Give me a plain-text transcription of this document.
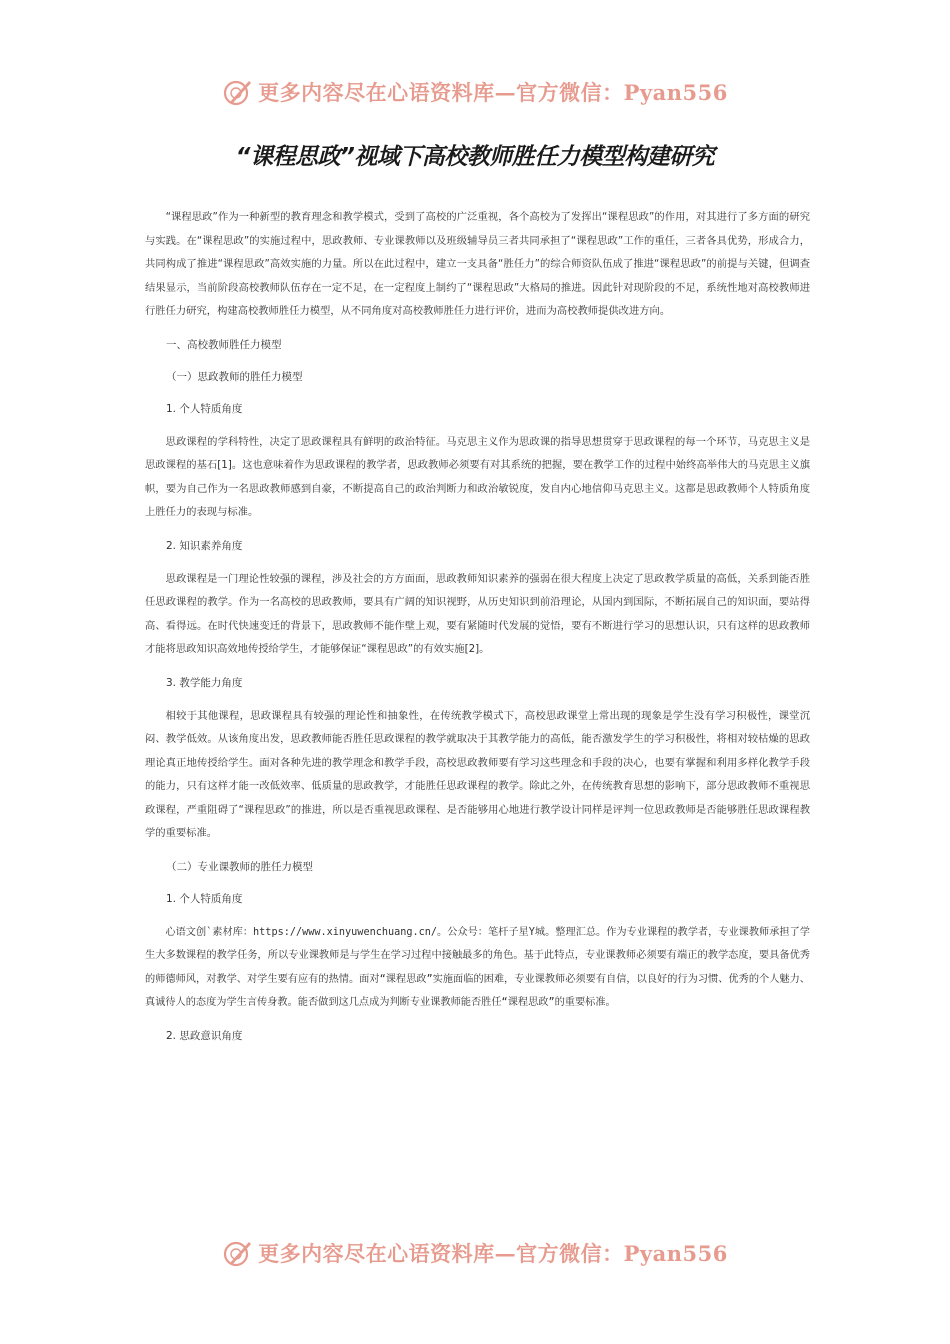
更多内容尽在心语资料库—官方微信：Pyan556
“课程思政”视域下高校教师胜任力模型构建研究

“课程思政”作为一种新型的教育理念和教学模式，受到了高校的广泛重视，各个高校为了发挥出“课程思政”的作用，对其进行了多方面的研究与实践。在“课程思政”的实施过程中，思政教师、专业课教师以及班级辅导员三者共同承担了“课程思政”工作的重任，三者各具优势，形成合力，共同构成了推进“课程思政”高效实施的力量。所以在此过程中，建立一支具备“胜任力”的综合师资队伍成了推进“课程思政”的前提与关键，但调查结果显示，当前阶段高校教师队伍存在一定不足，在一定程度上制约了“课程思政”大格局的推进。因此针对现阶段的不足，系统性地对高校教师进行胜任力研究，构建高校教师胜任力模型，从不同角度对高校教师胜任力进行评价，进而为高校教师提供改进方向。

一、高校教师胜任力模型

（一）思政教师的胜任力模型

1. 个人特质角度

思政课程的学科特性，决定了思政课程具有鲜明的政治特征。马克思主义作为思政课的指导思想贯穿于思政课程的每一个环节，马克思主义是思政课程的基石[1]。这也意味着作为思政课程的教学者，思政教师必须要有对其系统的把握，要在教学工作的过程中始终高举伟大的马克思主义旗帜，要为自己作为一名思政教师感到自豪，不断提高自己的政治判断力和政治敏锐度，发自内心地信仰马克思主义。这都是思政教师个人特质角度上胜任力的表现与标准。

2. 知识素养角度

思政课程是一门理论性较强的课程，涉及社会的方方面面，思政教师知识素养的强弱在很大程度上决定了思政教学质量的高低，关系到能否胜任思政课程的教学。作为一名高校的思政教师，要具有广阔的知识视野，从历史知识到前沿理论，从国内到国际，不断拓展自己的知识面，要站得高、看得远。在时代快速变迁的背景下，思政教师不能作壁上观，要有紧随时代发展的觉悟，要有不断进行学习的思想认识，只有这样的思政教师才能将思政知识高效地传授给学生，才能够保证“课程思政”的有效实施[2]。

3. 教学能力角度

相较于其他课程，思政课程具有较强的理论性和抽象性，在传统教学模式下，高校思政课堂上常出现的现象是学生没有学习积极性，课堂沉闷、教学低效。从该角度出发，思政教师能否胜任思政课程的教学就取决于其教学能力的高低，能否激发学生的学习积极性，将相对较枯燥的思政理论真正地传授给学生。面对各种先进的教学理念和教学手段，高校思政教师要有学习这些理念和手段的决心，也要有掌握和利用多样化教学手段的能力，只有这样才能一改低效率、低质量的思政教学，才能胜任思政课程的教学。除此之外，在传统教育思想的影响下，部分思政教师不重视思政课程，严重阻碍了“课程思政”的推进，所以是否重视思政课程、是否能够用心地进行教学设计同样是评判一位思政教师是否能够胜任思政课程教学的重要标准。

（二）专业课教师的胜任力模型

1. 个人特质角度

心语文创`素材库：https://www.xinyuwenchuang.cn/。公众号：笔杆子星Y城。整理汇总。作为专业课程的教学者，专业课教师承担了学生大多数课程的教学任务，所以专业课教师是与学生在学习过程中接触最多的角色。基于此特点，专业课教师必须要有端正的教学态度，要具备优秀的师德师风，对教学、对学生要有应有的热情。面对“课程思政”实施面临的困难，专业课教师必须要有自信，以良好的行为习惯、优秀的个人魅力、真诚待人的态度为学生言传身教。能否做到这几点成为判断专业课教师能否胜任“课程思政”的重要标准。

2. 思政意识角度

更多内容尽在心语资料库—官方微信：Pyan556
